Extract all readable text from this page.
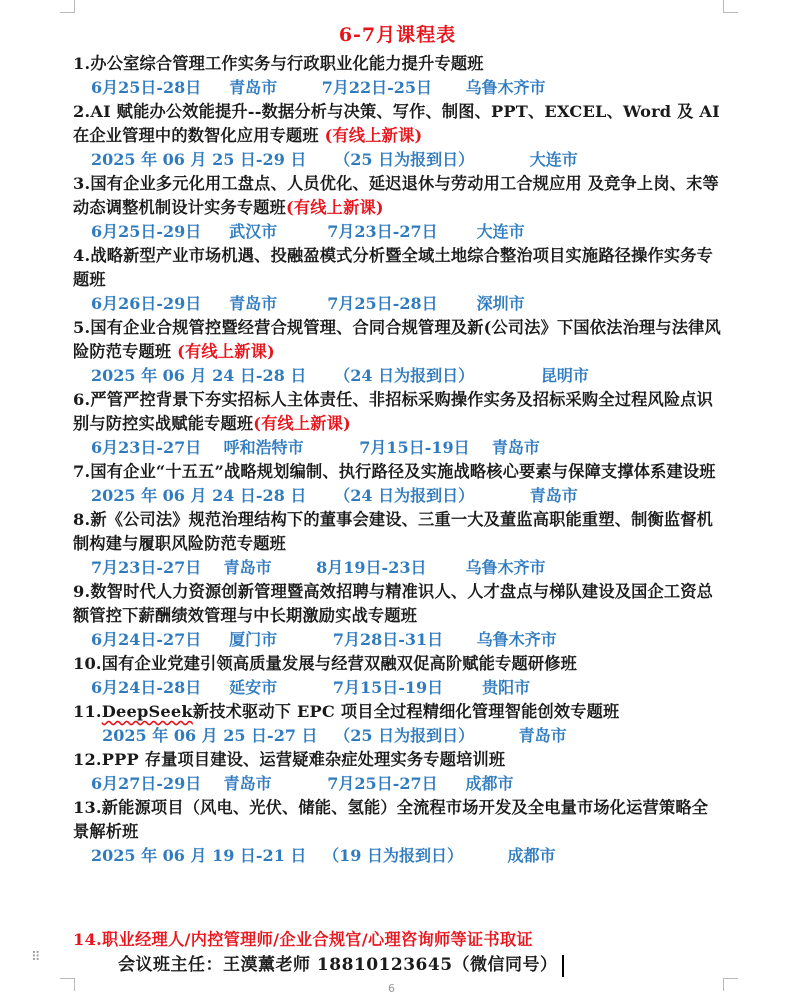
6-7月课程表
1.办公室综合管理工作实务与行政职业化能力提升专题班
6月25日-28日     青岛市        7月22日-25日      乌鲁木齐市
2.AI 赋能办公效能提升--数据分析与决策、写作、制图、PPT、EXCEL、Word 及 AI 在企业管理中的数智化应用专题班 (有线上新课)
2025 年 06 月 25 日-29 日     （25 日为报到日）          大连市
3.国有企业多元化用工盘点、人员优化、延迟退休与劳动用工合规应用 及竞争上岗、末等动态调整机制设计实务专题班(有线上新课)
6月25日-29日     武汉市         7月23日-27日       大连市
4.战略新型产业市场机遇、投融盈模式分析暨全域土地综合整治项目实施路径操作实务专题班
6月26日-29日     青岛市         7月25日-28日       深圳市
5.国有企业合规管控暨经营合规管理、合同合规管理及新(公司法》下国依法治理与法律风险防范专题班 (有线上新课)
2025 年 06 月 24 日-28 日     （24 日为报到日）            昆明市
6.严管严控背景下夯实招标人主体责任、非招标采购操作实务及招标采购全过程风险点识别与防控实战赋能专题班(有线上新课)
6月23日-27日    呼和浩特市          7月15日-19日    青岛市
7.国有企业“十五五”战略规划编制、执行路径及实施战略核心要素与保障支撑体系建设班
2025 年 06 月 24 日-28 日     （24 日为报到日）          青岛市
8.新《公司法》规范治理结构下的董事会建设、三重一大及董监高职能重塑、制衡监督机制构建与履职风险防范专题班
7月23日-27日    青岛市        8月19日-23日       乌鲁木齐市
9.数智时代人力资源创新管理暨高效招聘与精准识人、人才盘点与梯队建设及国企工资总额管控下薪酬绩效管理与中长期激励实战专题班
6月24日-27日     厦门市          7月28日-31日      乌鲁木齐市
10.国有企业党建引领高质量发展与经营双融双促高阶赋能专题研修班
6月24日-28日     延安市          7月15日-19日       贵阳市
11.DeepSeek新技术驱动下 EPC 项目全过程精细化管理智能创效专题班
2025 年 06 月 25 日-27 日   （25 日为报到日）        青岛市
12.PPP 存量项目建设、运营疑难杂症处理实务专题培训班
6月27日-29日    青岛市          7月25日-27日     成都市
13.新能源项目（风电、光伏、储能、氢能）全流程市场开发及全电量市场化运营策略全景解析班
2025 年 06 月 19 日-21 日   （19 日为报到日）        成都市
14.职业经理人/内控管理师/企业合规官/心理咨询师等证书取证
⠿	会议班主任：王漠薰老师 18810123645（微信同号）
6
